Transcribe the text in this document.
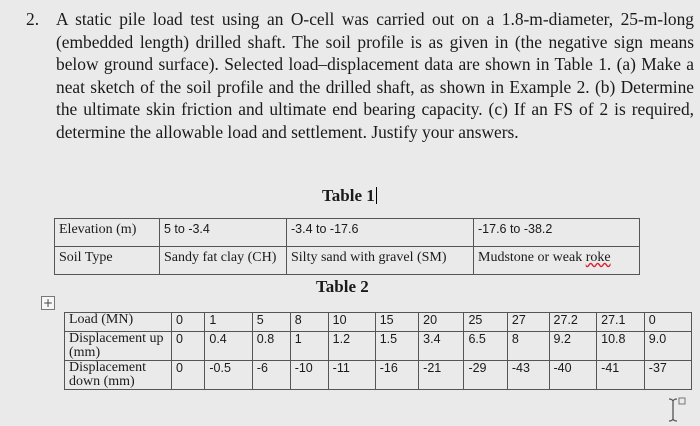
2. A static pile load test using an O-cell was carried out on a 1.8-m-diameter, 25-m-long (embedded length) drilled shaft. The soil profile is as given in (the negative sign means below ground surface). Selected load–displacement data are shown in Table 1. (a) Make a neat sketch of the soil profile and the drilled shaft, as shown in Example 2. (b) Determine the ultimate skin friction and ultimate end bearing capacity. (c) If an FS of 2 is required, determine the allowable load and settlement. Justify your answers.
Table 1
Elevation (m)	5 to -3.4	-3.4 to -17.6	-17.6 to -38.2
Soil Type	Sandy fat clay (CH)	Silty sand with gravel (SM)	Mudstone or weak roke
Table 2
+
Load (MN)	0	1	5	8	10	15	20	25	27	27.2	27.1	0
Displacement up (mm)	0	0.4	0.8	1	1.2	1.5	3.4	6.5	8	9.2	10.8	9.0
Displacement down (mm)	0	-0.5	-6	-10	-11	-16	-21	-29	-43	-40	-41	-37
